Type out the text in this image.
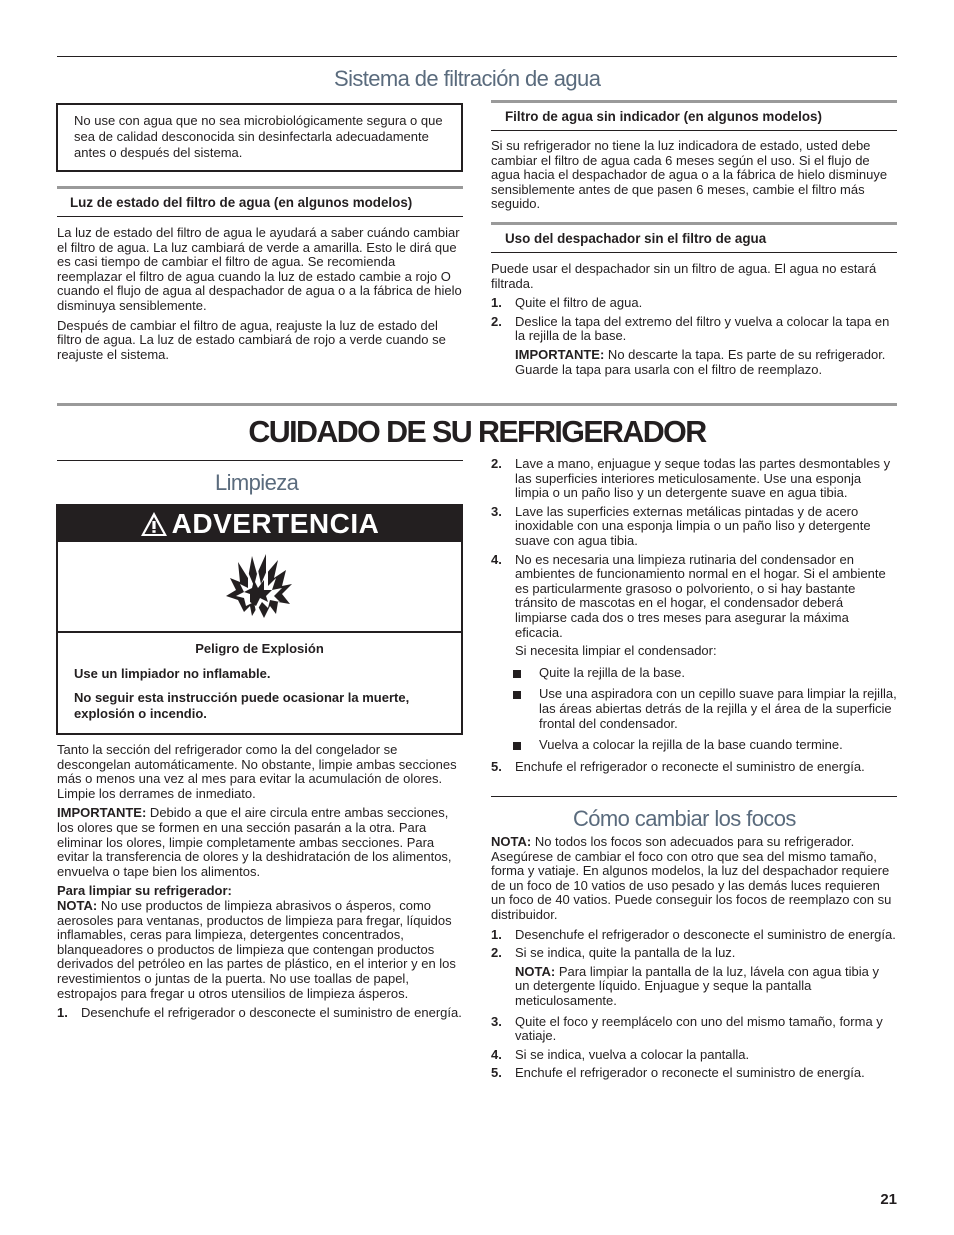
Sistema de filtración de agua
No use con agua que no sea microbiológicamente segura o que sea de calidad desconocida sin desinfectarla adecuadamente antes o después del sistema.
Luz de estado del filtro de agua (en algunos modelos)

La luz de estado del filtro de agua le ayudará a saber cuándo cambiar el filtro de agua. La luz cambiará de verde a amarilla. Esto le dirá que es casi tiempo de cambiar el filtro de agua. Se recomienda reemplazar el filtro de agua cuando la luz de estado cambie a rojo O cuando el flujo de agua al despachador de agua o a la fábrica de hielo disminuya sensiblemente.

Después de cambiar el filtro de agua, reajuste la luz de estado del filtro de agua. La luz de estado cambiará de rojo a verde cuando se reajuste el sistema.

Filtro de agua sin indicador (en algunos modelos)

Si su refrigerador no tiene la luz indicadora de estado, usted debe cambiar el filtro de agua cada 6 meses según el uso. Si el flujo de agua hacia el despachador de agua o a la fábrica de hielo disminuye sensiblemente antes de que pasen 6 meses, cambie el filtro más seguido.

Uso del despachador sin el filtro de agua

Puede usar el despachador sin un filtro de agua. El agua no estará filtrada.

1. Quite el filtro de agua.
2. Deslice la tapa del extremo del filtro y vuelva a colocar la tapa en la rejilla de la base.
IMPORTANTE: No descarte la tapa. Es parte de su refrigerador. Guarde la tapa para usarla con el filtro de reemplazo.
CUIDADO DE SU REFRIGERADOR
Limpieza
ADVERTENCIA
Peligro de Explosión
Use un limpiador no inflamable.
No seguir esta instrucción puede ocasionar la muerte, explosión o incendio.

Tanto la sección del refrigerador como la del congelador se descongelan automáticamente. No obstante, limpie ambas secciones más o menos una vez al mes para evitar la acumulación de olores. Limpie los derrames de inmediato.

IMPORTANTE: Debido a que el aire circula entre ambas secciones, los olores que se formen en una sección pasarán a la otra. Para eliminar los olores, limpie completamente ambas secciones. Para evitar la transferencia de olores y la deshidratación de los alimentos, envuelva o tape bien los alimentos.

Para limpiar su refrigerador:

NOTA: No use productos de limpieza abrasivos o ásperos, como aerosoles para ventanas, productos de limpieza para fregar, líquidos inflamables, ceras para limpieza, detergentes concentrados, blanqueadores o productos de limpieza que contengan productos derivados del petróleo en las partes de plástico, en el interior y en los revestimientos o juntas de la puerta. No use toallas de papel, estropajos para fregar u otros utensilios de limpieza ásperos.

1. Desenchufe el refrigerador o desconecte el suministro de energía.
2. Lave a mano, enjuague y seque todas las partes desmontables y las superficies interiores meticulosamente. Use una esponja limpia o un paño liso y un detergente suave en agua tibia.
3. Lave las superficies externas metálicas pintadas y de acero inoxidable con una esponja limpia o un paño liso y detergente suave con agua tibia.
4. No es necesaria una limpieza rutinaria del condensador en ambientes de funcionamiento normal en el hogar. Si el ambiente es particularmente grasoso o polvoriento, o si hay bastante tránsito de mascotas en el hogar, el condensador deberá limpiarse cada dos o tres meses para asegurar la máxima eficacia.
Si necesita limpiar el condensador:
Quite la rejilla de la base.
Use una aspiradora con un cepillo suave para limpiar la rejilla, las áreas abiertas detrás de la rejilla y el área de la superficie frontal del condensador.
Vuelva a colocar la rejilla de la base cuando termine.
5. Enchufe el refrigerador o reconecte el suministro de energía.
Cómo cambiar los focos

NOTA: No todos los focos son adecuados para su refrigerador. Asegúrese de cambiar el foco con otro que sea del mismo tamaño, forma y vatiaje. En algunos modelos, la luz del despachador requiere de un foco de 10 vatios de uso pesado y las demás luces requieren un foco de 40 vatios. Puede conseguir los focos de reemplazo con su distribuidor.

1. Desenchufe el refrigerador o desconecte el suministro de energía.
2. Si se indica, quite la pantalla de la luz.
NOTA: Para limpiar la pantalla de la luz, lávela con agua tibia y un detergente líquido. Enjuague y seque la pantalla meticulosamente.
3. Quite el foco y reemplácelo con uno del mismo tamaño, forma y vatiaje.
4. Si se indica, vuelva a colocar la pantalla.
5. Enchufe el refrigerador o reconecte el suministro de energía.
21
